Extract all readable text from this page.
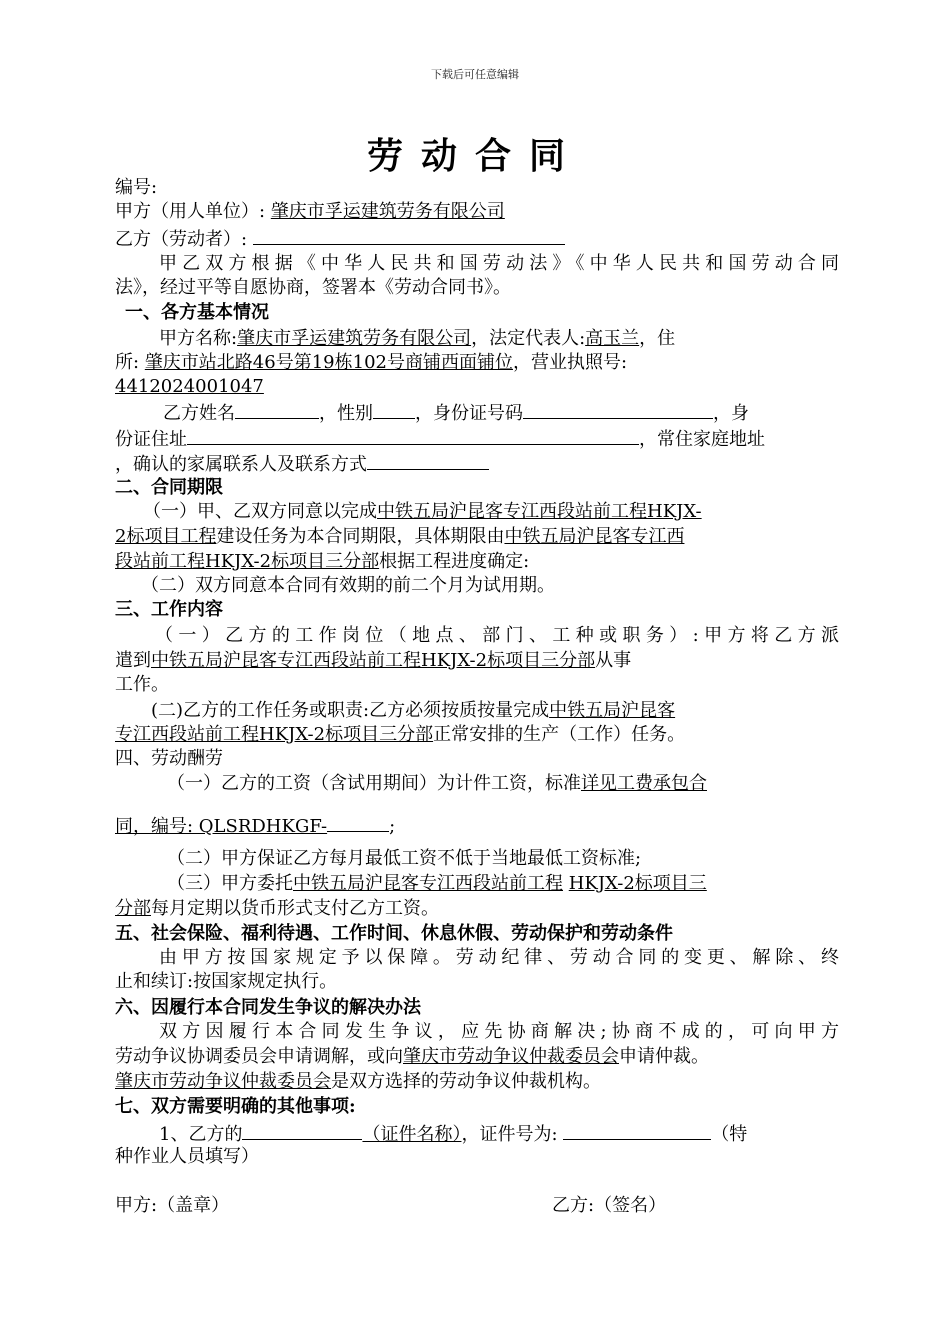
下载后可任意编辑
劳动合同
编号:
甲方（用人单位）: 肇庆市孚运建筑劳务有限公司
乙方（劳动者）:
甲乙双方根据《中华人民共和国劳动法》《中华人民共和国劳动合同
法》，经过平等自愿协商，签署本《劳动合同书》。
一、各方基本情况
甲方名称:肇庆市孚运建筑劳务有限公司，法定代表人:高玉兰，住
所: 肇庆市站北路46号第19栋102号商铺西面铺位，营业执照号:
4412024001047
乙方姓名	，性别 ，身份证号码	，身
份证住址	，常住家庭地址
，确认的家属联系人及联系方式
二、合同期限
（一）甲、乙双方同意以完成中铁五局沪昆客专江西段站前工程HKJX-
2标项目工程建设任务为本合同期限，具体期限由中铁五局沪昆客专江西
段站前工程HKJX-2标项目三分部根据工程进度确定:
（二）双方同意本合同有效期的前二个月为试用期。
三、工作内容
（一）乙方的工作岗位（地点、部门、工种或职务）:甲方将乙方派
遣到中铁五局沪昆客专江西段站前工程HKJX-2标项目三分部从事
工作。
(二)乙方的工作任务或职责:乙方必须按质按量完成中铁五局沪昆客
专江西段站前工程HKJX-2标项目三分部正常安排的生产（工作）任务。
四、劳动酬劳
（一）乙方的工资（含试用期间）为计件工资，标准详见工费承包合
同，编号: QLSRDHKGF-	;
（二）甲方保证乙方每月最低工资不低于当地最低工资标准;
（三）甲方委托中铁五局沪昆客专江西段站前工程 HKJX-2标项目三
分部每月定期以货币形式支付乙方工资。
五、社会保险、福利待遇、工作时间、休息休假、劳动保护和劳动条件
由甲方按国家规定予以保障。劳动纪律、劳动合同的变更、解除、终
止和续订:按国家规定执行。
六、因履行本合同发生争议的解决办法
双方因履行本合同发生争议，应先协商解决;协商不成的，可向甲方
劳动争议协调委员会申请调解，或向肇庆市劳动争议仲裁委员会申请仲裁。
肇庆市劳动争议仲裁委员会是双方选择的劳动争议仲裁机构。
七、双方需要明确的其他事项:
1、乙方的	（证件名称），证件号为:	（特
种作业人员填写）
甲方:（盖章）	乙方:（签名）
